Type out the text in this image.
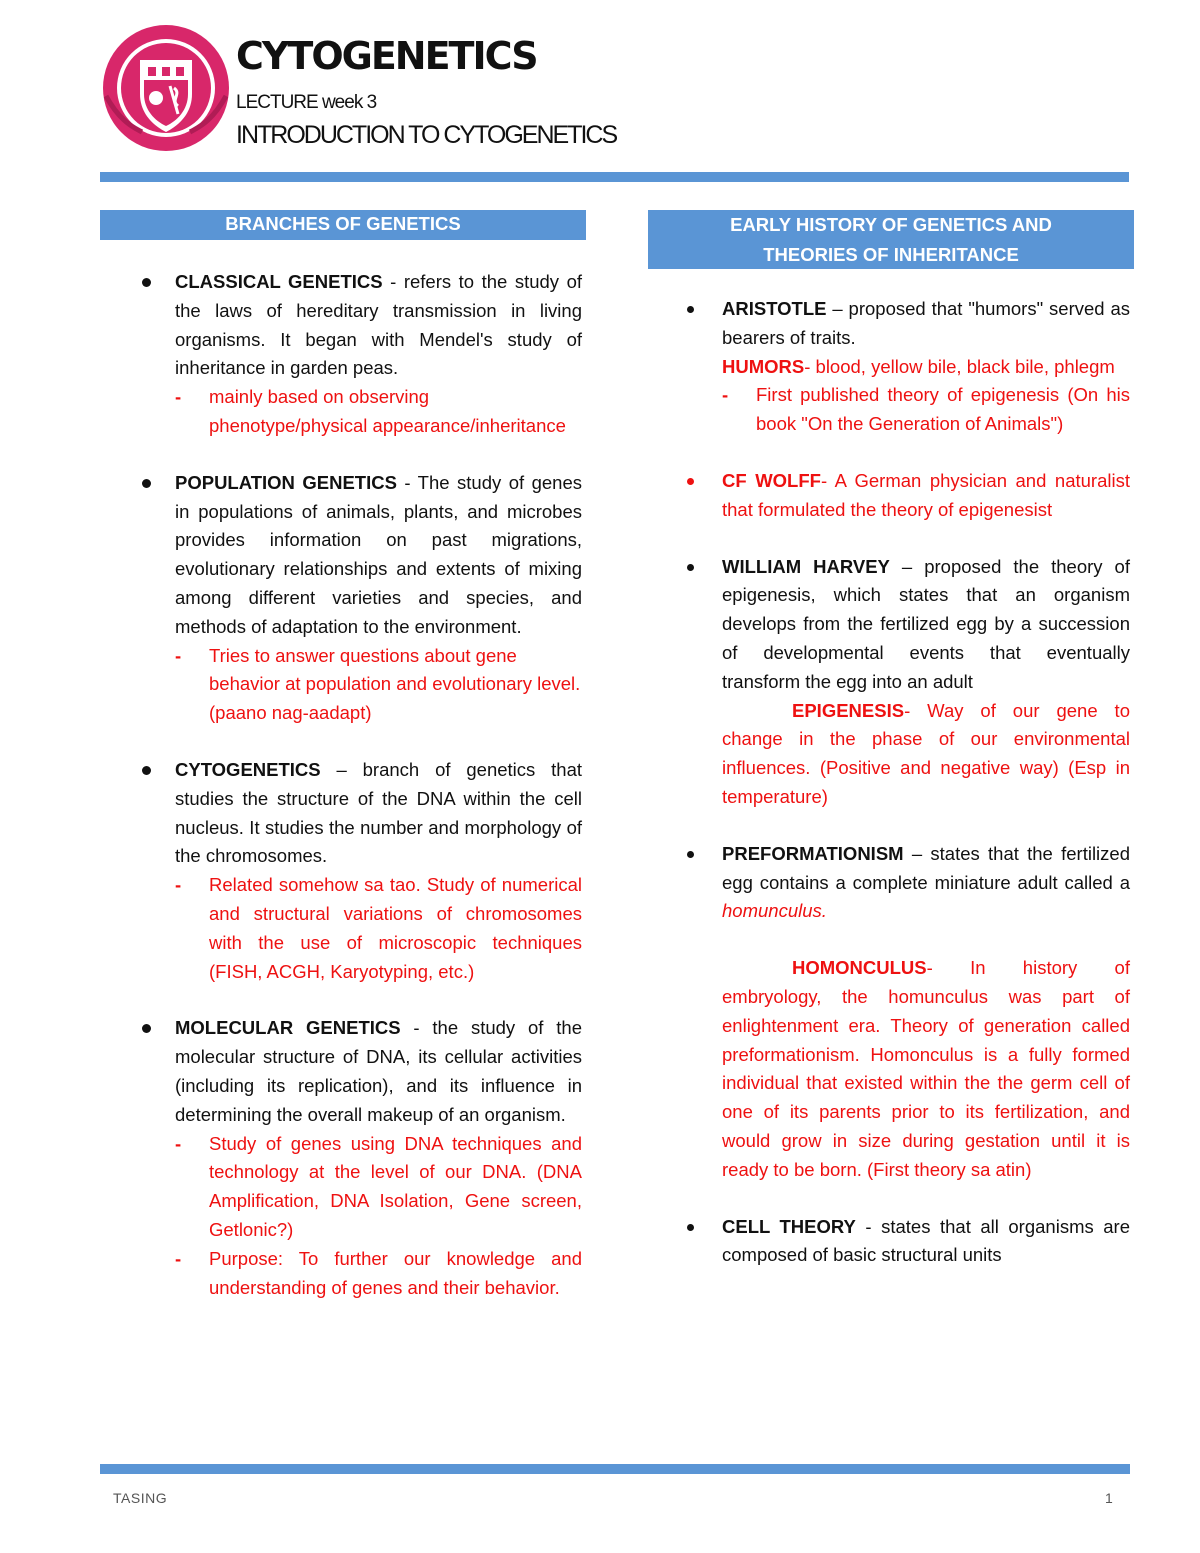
CYTOGENETICS
LECTURE week 3
INTRODUCTION TO CYTOGENETICS
BRANCHES OF GENETICS

CLASSICAL GENETICS - refers to the study of the laws of hereditary transmission in living organisms. It began with Mendel's study of inheritance in garden peas.

- mainly based on observing phenotype/physical appearance/inheritance

POPULATION GENETICS - The study of genes in populations of animals, plants, and microbes provides information on past migrations, evolutionary relationships and extents of mixing among different varieties and species, and methods of adaptation to the environment.

- Tries to answer questions about gene behavior at population and evolutionary level. (paano nag-aadapt)

CYTOGENETICS – branch of genetics that studies the structure of the DNA within the cell nucleus. It studies the number and morphology of the chromosomes.

- Related somehow sa tao. Study of numerical and structural variations of chromosomes with the use of microscopic techniques (FISH, ACGH, Karyotyping, etc.)

MOLECULAR GENETICS - the study of the molecular structure of DNA, its cellular activities (including its replication), and its influence in determining the overall makeup of an organism.

- Study of genes using DNA techniques and technology at the level of our DNA. (DNA Amplification, DNA Isolation, Gene screen, Getlonic?)

- Purpose: To further our knowledge and understanding of genes and their behavior.

EARLY HISTORY OF GENETICS AND
THEORIES OF INHERITANCE

ARISTOTLE – proposed that "humors" served as bearers of traits.

HUMORS- blood, yellow bile, black bile, phlegm

- First published theory of epigenesis (On his book "On the Generation of Animals")

CF WOLFF- A German physician and naturalist that formulated the theory of epigenesist

WILLIAM HARVEY – proposed the theory of epigenesis, which states that an organism develops from the fertilized egg by a succession of developmental events that eventually transform the egg into an adult

EPIGENESIS- Way of our gene to change in the phase of our environmental influences. (Positive and negative way) (Esp in temperature)

PREFORMATIONISM – states that the fertilized egg contains a complete miniature adult called a homunculus.

HOMONCULUS- In history of embryology, the homunculus was part of enlightenment era. Theory of generation called preformationism. Homonculus is a fully formed individual that existed within the the germ cell of one of its parents prior to its fertilization, and would grow in size during gestation until it is ready to be born. (First theory sa atin)

CELL THEORY - states that all organisms are composed of basic structural units

TASING	1
